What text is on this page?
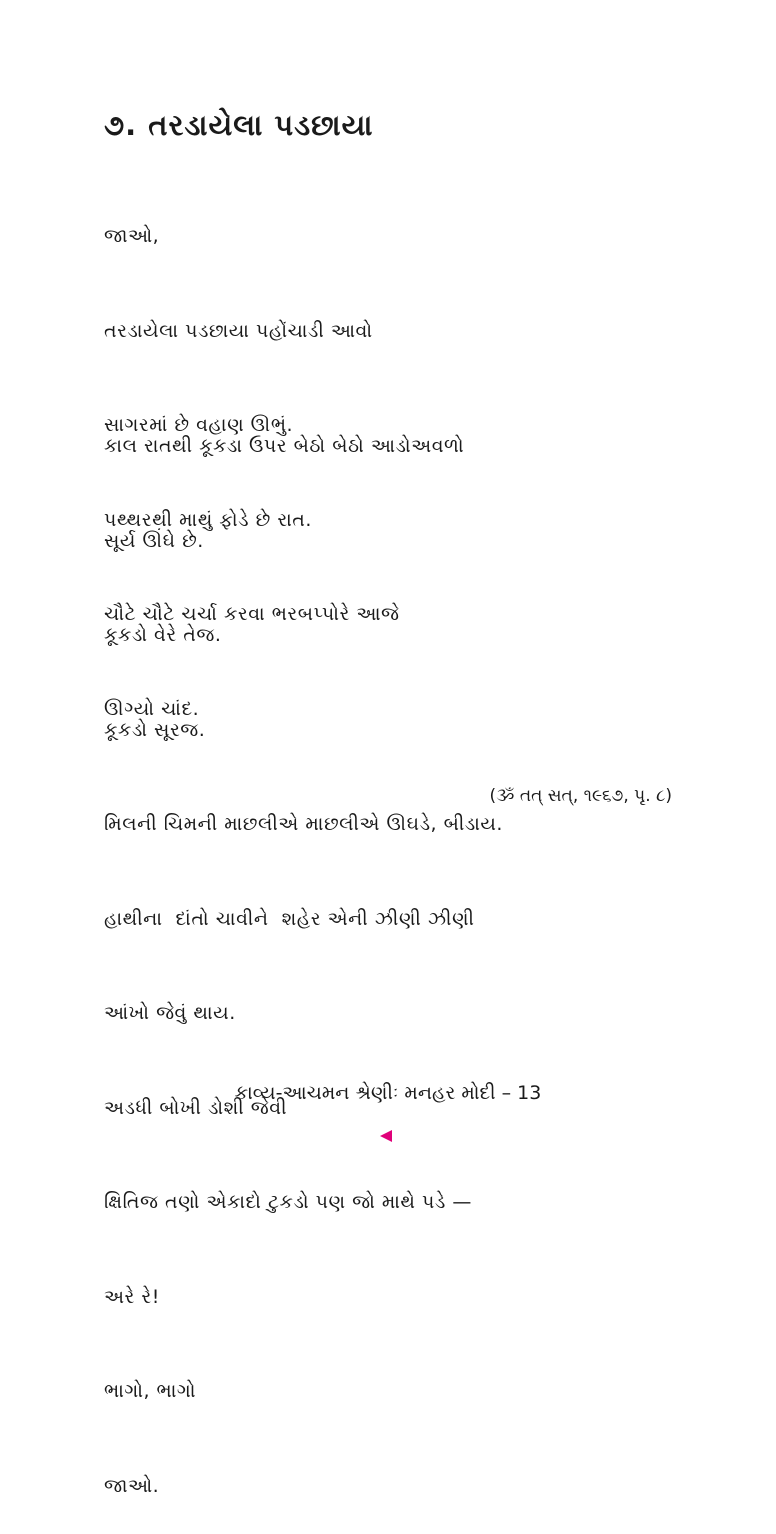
૭. તરડાયેલા પડછાયા

જાઓ,

તરડાયેલા પડછાયા પહોંચાડી આવો

સાગરમાં છે વહાણ ઊભું.

પથ્થરથી માથું ફોડે છે રાત.

ચૌટે ચૌટે ચર્ચા કરવા ભરબપ્પોરે આજે

ઊગ્યો ચાંદ.

કાલ રાતથી કૂકડા ઉપર બેઠો બેઠો આડોઅવળો

સૂર્ય ઊંઘે છે.

કૂકડો વેરે તેજ.

કૂકડો સૂરજ.

મિલની ચિમની માછલીએ માછલીએ ઊઘડે, બીડાય.

હાથીના  દાંતો ચાવીને  શહેર એની ઝીણી ઝીણી

આંખો જેવું થાય.

અડધી બોખી ડોશી જેવી

ક્ષિતિજ તણો એકાદો ટુકડો પણ જો માથે પડે —

અરે રે!

ભાગો, ભાગો

જાઓ.

(ૐ તત્ સત્, ૧૯૬૭, પૃ. ૮)
કાવ્ય-આચમન શ્રેણીઃ મનહર મોદી – 13
